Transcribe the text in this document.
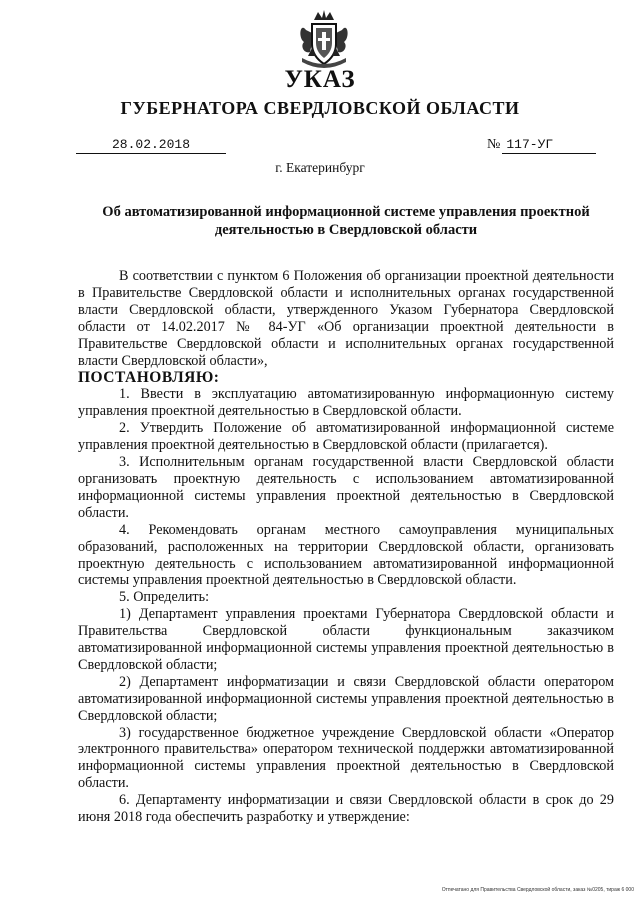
УКАЗ
ГУБЕРНАТОРА СВЕРДЛОВСКОЙ ОБЛАСТИ
28.02.2018	№ 117-УГ
г. Екатеринбург
Об автоматизированной информационной системе управления проектной деятельностью в Свердловской области

В соответствии с пунктом 6 Положения об организации проектной деятельности в Правительстве Свердловской области и исполнительных органах государственной власти Свердловской области, утвержденного Указом Губернатора Свердловской области от 14.02.2017 № 84-УГ «Об организации проектной деятельности в Правительстве Свердловской области и исполнительных органах государственной власти Свердловской области»,

ПОСТАНОВЛЯЮ:

1. Ввести в эксплуатацию автоматизированную информационную систему управления проектной деятельностью в Свердловской области.

2. Утвердить Положение об автоматизированной информационной системе управления проектной деятельностью в Свердловской области (прилагается).

3. Исполнительным органам государственной власти Свердловской области организовать проектную деятельность с использованием автоматизированной информационной системы управления проектной деятельностью в Свердловской области.

4. Рекомендовать органам местного самоуправления муниципальных образований, расположенных на территории Свердловской области, организовать проектную деятельность с использованием автоматизированной информационной системы управления проектной деятельностью в Свердловской области.

5. Определить:

1) Департамент управления проектами Губернатора Свердловской области и Правительства Свердловской области функциональным заказчиком автоматизированной информационной системы управления проектной деятельностью в Свердловской области;

2) Департамент информатизации и связи Свердловской области оператором автоматизированной информационной системы управления проектной деятельностью в Свердловской области;

3) государственное бюджетное учреждение Свердловской области «Оператор электронного правительства» оператором технической поддержки автоматизированной информационной системы управления проектной деятельностью в Свердловской области.

6. Департаменту информатизации и связи Свердловской области в срок до 29 июня 2018 года обеспечить разработку и утверждение:

Отпечатано для Правительства Свердловской области, заказ №0205, тираж 6 000
